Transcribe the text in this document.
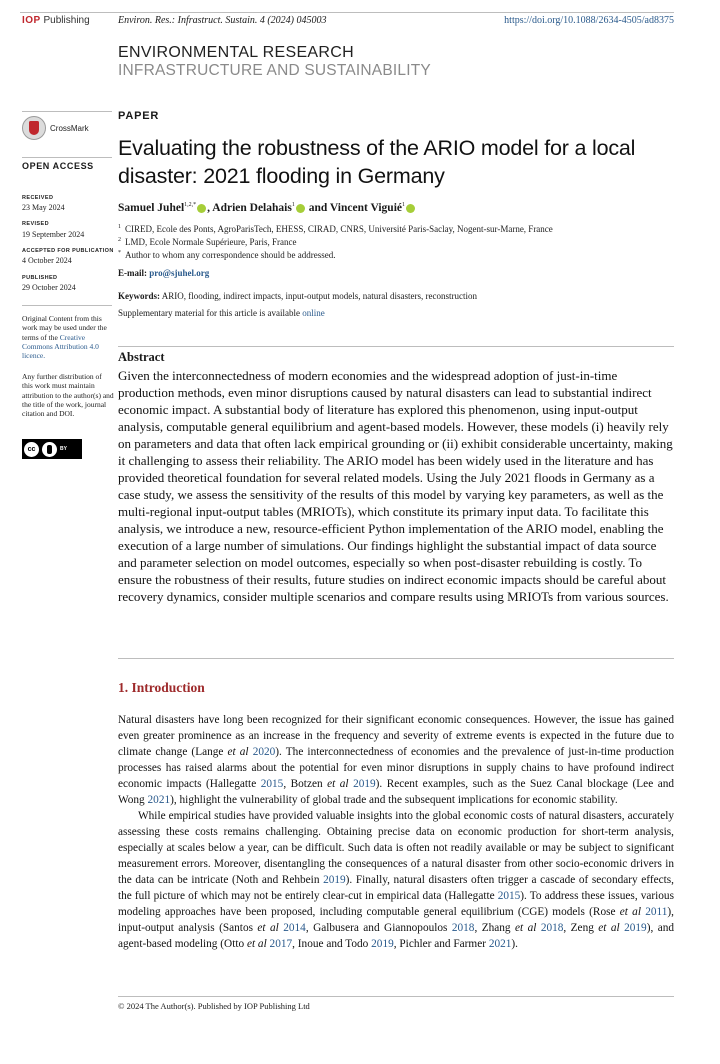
IOP Publishing	Environ. Res.: Infrastruct. Sustain. 4 (2024) 045003	https://doi.org/10.1088/2634-4505/ad8375
ENVIRONMENTAL RESEARCH
INFRASTRUCTURE AND SUSTAINABILITY
CrossMark
OPEN ACCESS
RECEIVED
23 May 2024
REVISED
19 September 2024
ACCEPTED FOR PUBLICATION
4 October 2024
PUBLISHED
29 October 2024
Original Content from this work may be used under the terms of the Creative Commons Attribution 4.0 licence.
Any further distribution of this work must maintain attribution to the author(s) and the title of the work, journal citation and DOI.
cc	BY
PAPER
Evaluating the robustness of the ARIO model for a local disaster: 2021 flooding in Germany
Samuel Juhel$^{1,2,*}$ , Adrien Delahais$^1$ and Vincent Viguié$^1$
$^1$ CIRED, Ecole des Ponts, AgroParisTech, EHESS, CIRAD, CNRS, Université Paris-Saclay, Nogent-sur-Marne, France
$^2$ LMD, Ecole Normale Supérieure, Paris, France
* Author to whom any correspondence should be addressed.
E-mail: pro@sjuhel.org
Keywords: ARIO, flooding, indirect impacts, input-output models, natural disasters, reconstruction
Supplementary material for this article is available online
Abstract
Given the interconnectedness of modern economies and the widespread adoption of just-in-time production methods, even minor disruptions caused by natural disasters can lead to substantial indirect economic impact. A substantial body of literature has explored this phenomenon, using input-output analysis, computable general equilibrium and agent-based models. However, these models (i) heavily rely on parameters and data that often lack empirical grounding or (ii) exhibit considerable uncertainty, making it challenging to assess their reliability. The ARIO model has been widely used in the literature and has provided theoretical foundation for several related models. Using the July 2021 floods in Germany as a case study, we assess the sensitivity of the results of this model by varying key parameters, as well as the multi-regional input-output tables (MRIOTs), which constitute its primary input data. To facilitate this analysis, we introduce a new, resource-efficient Python implementation of the ARIO model, enabling the execution of a large number of simulations. Our findings highlight the substantial impact of data source and parameter selection on model outcomes, especially so when post-disaster rebuilding is costly. To ensure the robustness of their results, future studies on indirect economic impacts should be careful about recovery dynamics, consider multiple scenarios and compare results using MRIOTs from various sources.
1. Introduction

Natural disasters have long been recognized for their significant economic consequences. However, the issue has gained even greater prominence as an increase in the frequency and severity of extreme events is expected in the future due to climate change (Lange et al 2020). The interconnectedness of economies and the prevalence of just-in-time production processes has raised alarms about the potential for even minor disruptions in supply chains to have profound indirect economic impacts (Hallegatte 2015, Botzen et al 2019). Recent examples, such as the Suez Canal blockage (Lee and Wong 2021), highlight the vulnerability of global trade and the subsequent implications for economic stability.

While empirical studies have provided valuable insights into the global economic costs of natural disasters, accurately assessing these costs remains challenging. Obtaining precise data on economic production for short-term analysis, especially at scales below a year, can be difficult. Such data is often not readily available or may be subject to significant measurement errors. Moreover, disentangling the consequences of a natural disaster from other socio-economic drivers in the data can be intricate (Noth and Rehbein 2019). Finally, natural disasters often trigger a cascade of secondary effects, the full picture of which may not be entirely clear-cut in empirical data (Hallegatte 2015). To address these issues, various modeling approaches have been proposed, including computable general equilibrium (CGE) models (Rose et al 2011), input-output analysis (Santos et al 2014, Galbusera and Giannopoulos 2018, Zhang et al 2018, Zeng et al 2019), and agent-based modeling (Otto et al 2017, Inoue and Todo 2019, Pichler and Farmer 2021).

© 2024 The Author(s). Published by IOP Publishing Ltd
